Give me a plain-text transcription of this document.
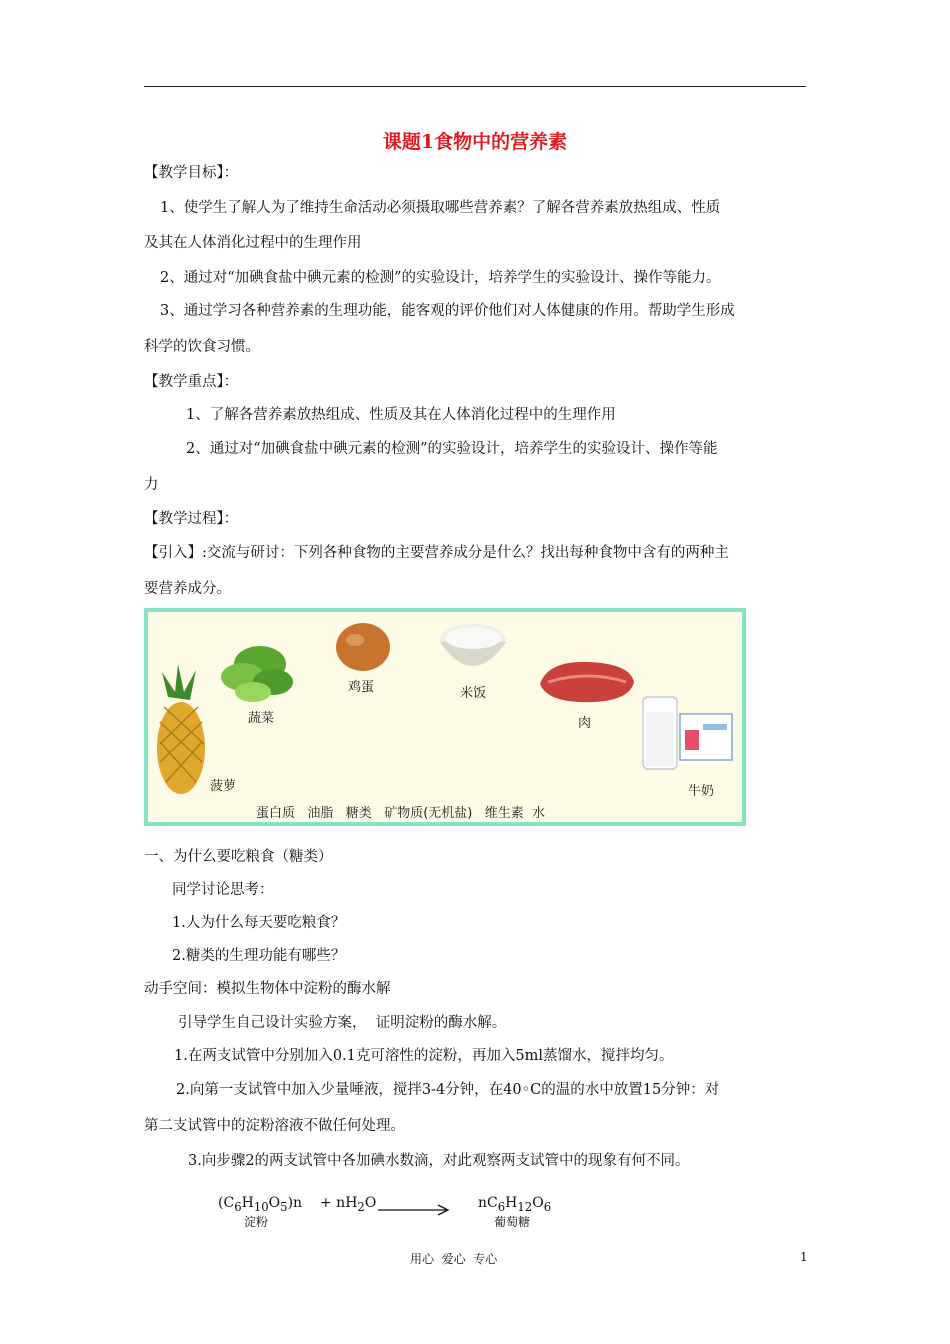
课题1食物中的营养素
【教学目标】：
1、使学生了解人为了维持生命活动必须摄取哪些营养素？了解各营养素放热组成、性质
及其在人体消化过程中的生理作用
2、通过对“加碘食盐中碘元素的检测”的实验设计，培养学生的实验设计、操作等能力。
3、通过学习各种营养素的生理功能，能客观的评价他们对人体健康的作用。帮助学生形成
科学的饮食习惯。
【教学重点】：
1、了解各营养素放热组成、性质及其在人体消化过程中的生理作用
2、通过对“加碘食盐中碘元素的检测”的实验设计，培养学生的实验设计、操作等能
力
【教学过程】：
【引入】:交流与研讨：下列各种食物的主要营养成分是什么？找出每种食物中含有的两种主
要营养成分。
鸡蛋	米饭
蔬菜	肉
菠萝	牛奶
蛋白质   油脂   糖类   矿物质(无机盐)   维生素  水
一、为什么要吃粮食（糖类）
同学讨论思考：
1.人为什么每天要吃粮食？
2.糖类的生理功能有哪些？
动手空间：模拟生物体中淀粉的酶水解
引导学生自己设计实验方案，  证明淀粉的酶水解。
1.在两支试管中分别加入0.1克可溶性的淀粉，再加入5ml蒸馏水，搅拌均匀。
2.向第一支试管中加入少量唾液，搅拌3-4分钟，在40◦C的温的水中放置15分钟：对
第二支试管中的淀粉溶液不做任何处理。
3.向步骤2的两支试管中各加碘水数滴，对此观察两支试管中的现象有何不同。
$(C_6H_{10}O_5)n$
淀粉
+ $nH_2O$	$nC_6H_{12}O_6$
葡萄糖
用心  爱心  专心	1
